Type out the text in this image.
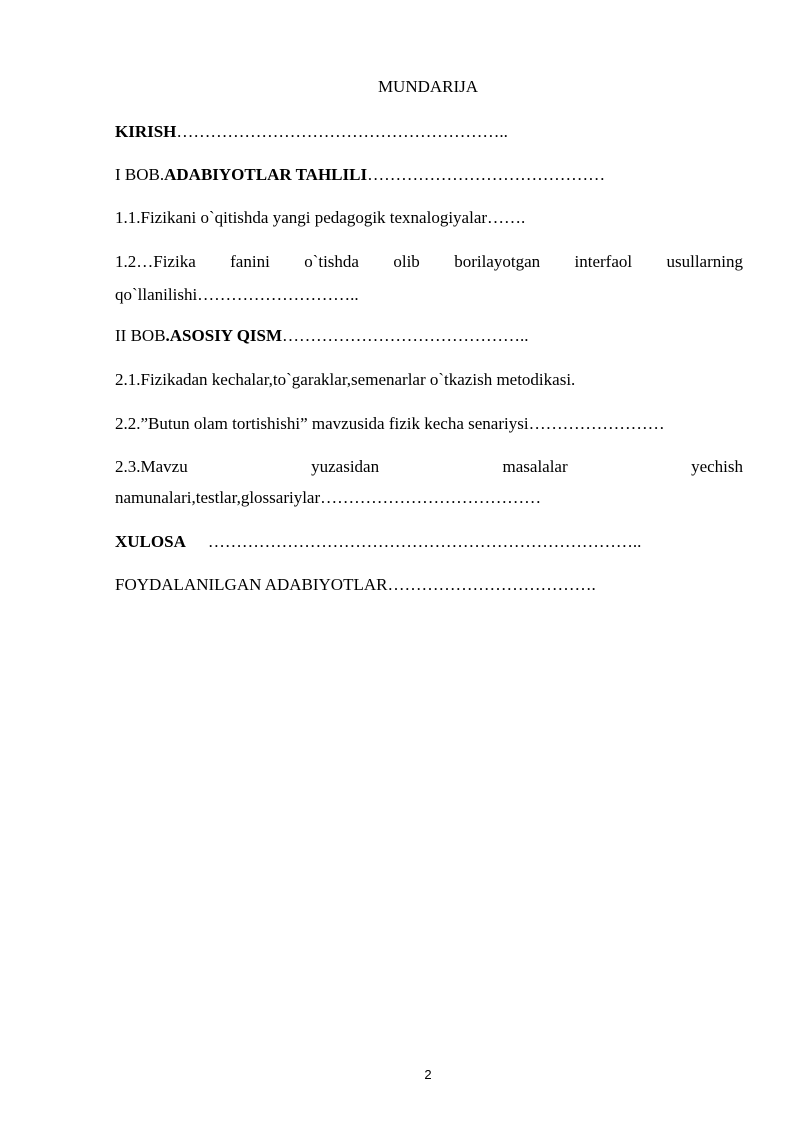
MUNDARIJA
KIRISH…………………………………………………..
I BOB.ADABIYOTLAR TAHLILI……………………………………
1.1.Fizikani o`qitishda yangi pedagogik texnalogiyalar…….
1.2…Fizika fanini o`tishda olib borilayotgan interfaol usullarning
qo`llanilishi………………………..
II BOB.ASOSIY QISM……………………………………..
2.1.Fizikadan kechalar,to`garaklar,semenarlar o`tkazish metodikasi.
2.2.”Butun olam tortishishi” mavzusida fizik kecha senariysi……………………
2.3.Mavzu	yuzasidan	masalalar	yechish
namunalari,testlar,glossariylar…………………………………
XULOSA …………………………………………………………………..
FOYDALANILGAN ADABIYOTLAR……………………………….
2
